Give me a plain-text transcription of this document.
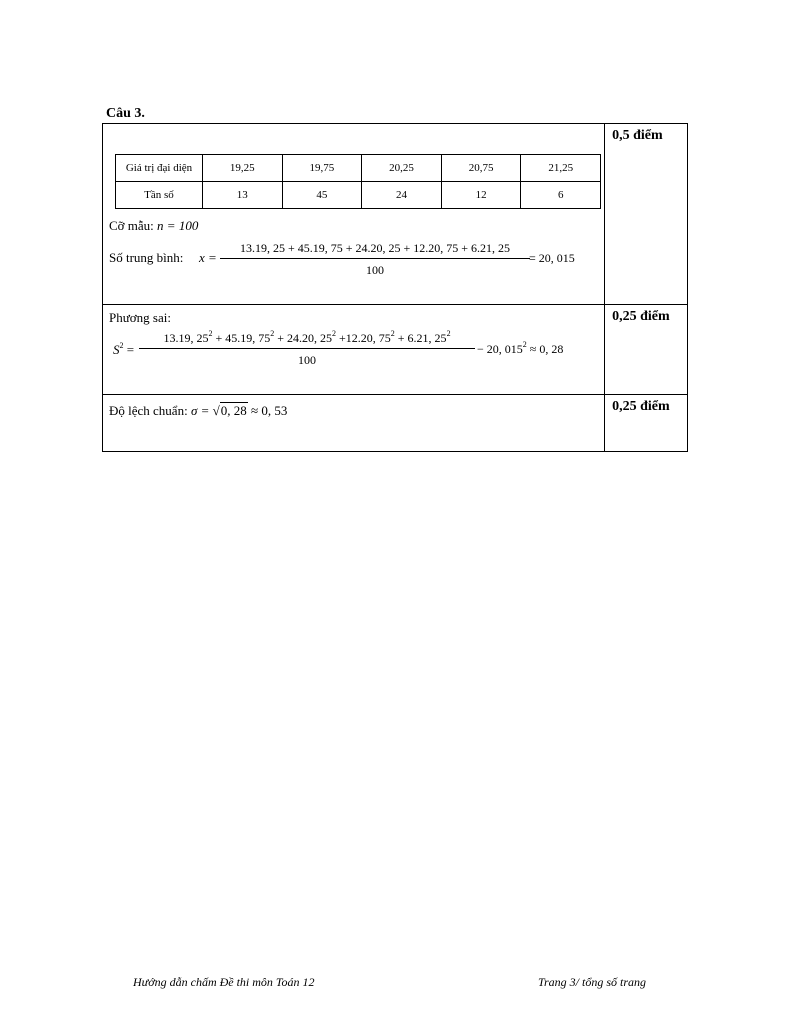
Câu 3.
Giá trị đại diện	19,25	19,75	20,25	20,75	21,25
Tần số	13	45	24	12	6
Cỡ mẫu: n = 100
Số trung bình: $x = \frac{13.19, 25 + 45.19, 75 + 24.20, 25 + 12.20, 75 + 6.21, 25}{100} = 20$, 015
	0,5 điểm

Phương sai:
$S^2 = \frac{13.19, 25^2 + 45.19, 75^2 + 24.20, 25^2 +12.20, 75^2 + 6.21, 25^2}{100} - 20$, $015^2 \approx 0$, 28
	0,25 điểm

Độ lệch chuẩn: σ = √0, 28 ≈ 0, 53	0,25 điểm
Hướng dẫn chấm Đề thi môn Toán 12	Trang 3/ tổng số trang
